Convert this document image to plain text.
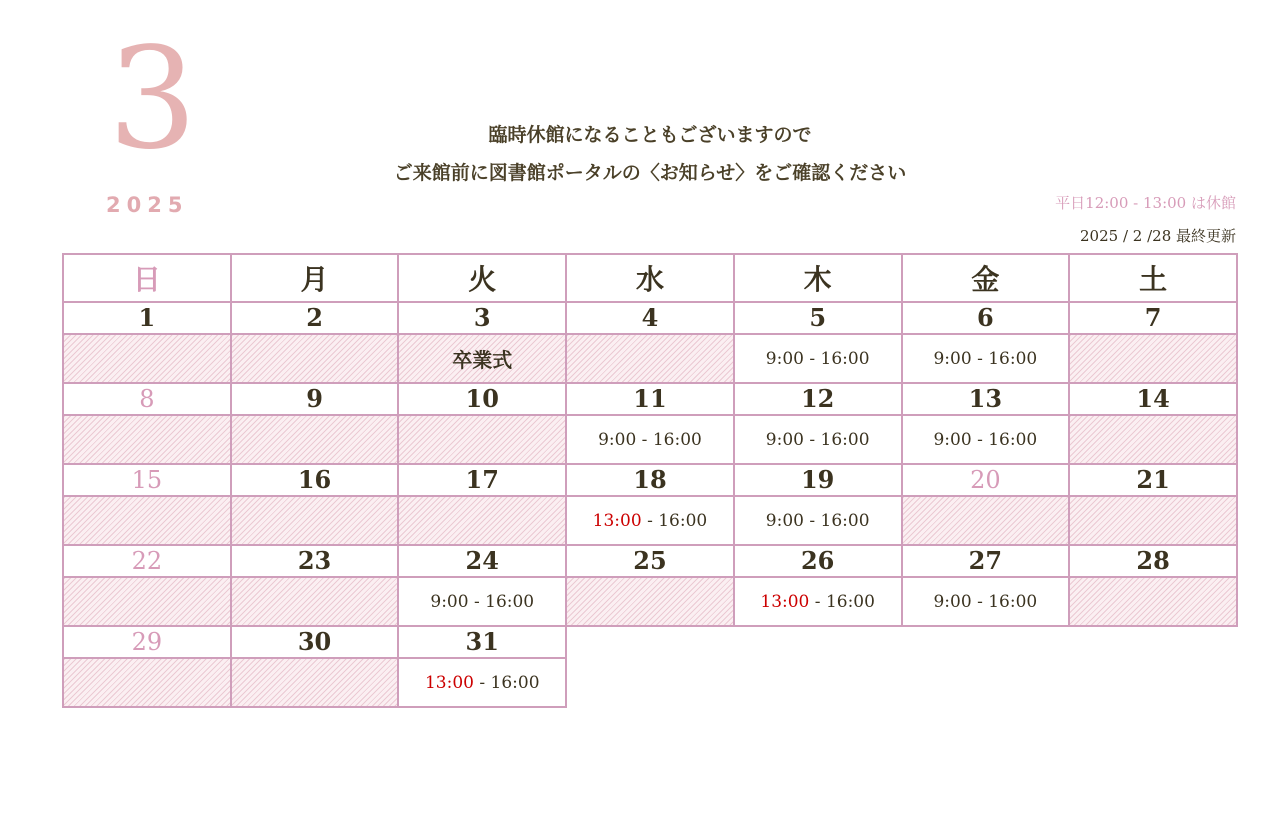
3
2025
臨時休館になることもございますので
ご来館前に図書館ポータルの〈お知らせ〉をご確認ください
平日12:00 - 13:00 は休館
2025 / 2 /28 最終更新
日	月	火	水	木	金	土
1	2	3	4	5	6	7
		卒業式		9:00 - 16:00	9:00 - 16:00	
8	9	10	11	12	13	14
			9:00 - 16:00	9:00 - 16:00	9:00 - 16:00	
15	16	17	18	19	20	21
			13:00 - 16:00	9:00 - 16:00		
22	23	24	25	26	27	28
		9:00 - 16:00		13:00 - 16:00	9:00 - 16:00	
29	30	31				
		13:00 - 16:00				
